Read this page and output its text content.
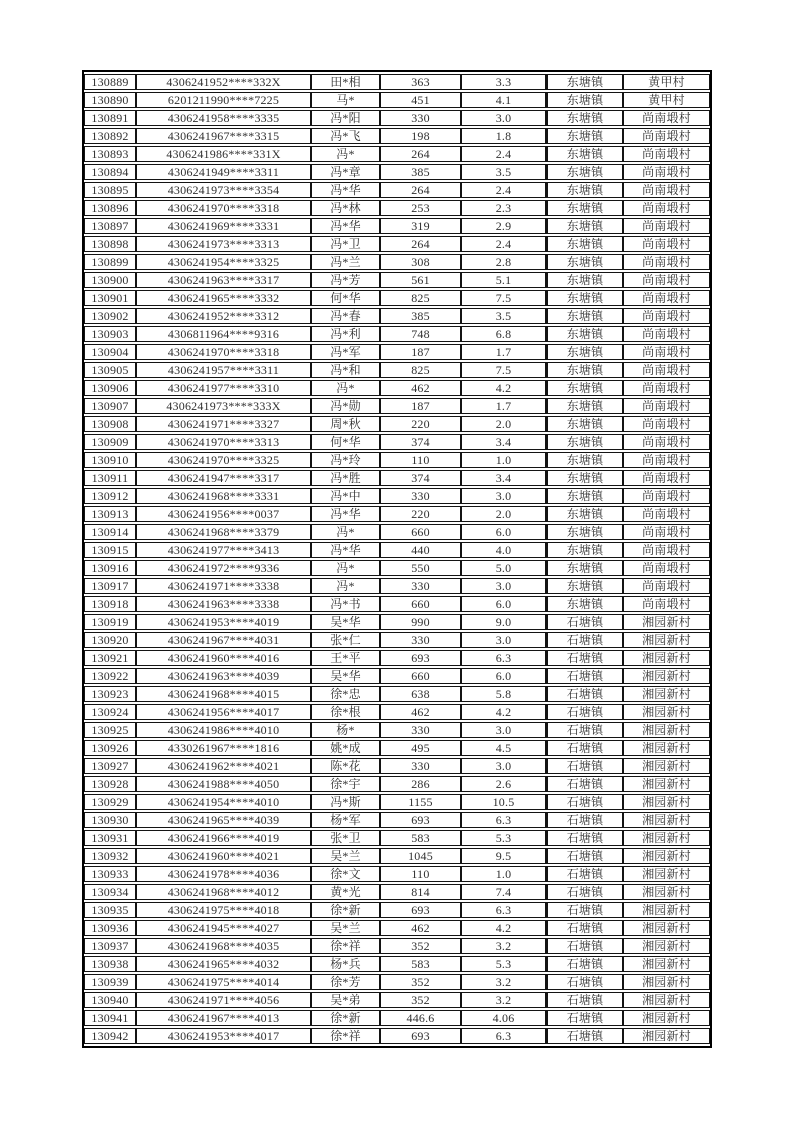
130889	4306241952****332X	田*相	363	3.3	东塘镇	黄甲村
130890	6201211990****7225	马*	451	4.1	东塘镇	黄甲村
130891	4306241958****3335	冯*阳	330	3.0	东塘镇	尚南塅村
130892	4306241967****3315	冯*飞	198	1.8	东塘镇	尚南塅村
130893	4306241986****331X	冯*	264	2.4	东塘镇	尚南塅村
130894	4306241949****3311	冯*章	385	3.5	东塘镇	尚南塅村
130895	4306241973****3354	冯*华	264	2.4	东塘镇	尚南塅村
130896	4306241970****3318	冯*林	253	2.3	东塘镇	尚南塅村
130897	4306241969****3331	冯*华	319	2.9	东塘镇	尚南塅村
130898	4306241973****3313	冯*卫	264	2.4	东塘镇	尚南塅村
130899	4306241954****3325	冯*兰	308	2.8	东塘镇	尚南塅村
130900	4306241963****3317	冯*芳	561	5.1	东塘镇	尚南塅村
130901	4306241965****3332	何*华	825	7.5	东塘镇	尚南塅村
130902	4306241952****3312	冯*春	385	3.5	东塘镇	尚南塅村
130903	4306811964****9316	冯*利	748	6.8	东塘镇	尚南塅村
130904	4306241970****3318	冯*军	187	1.7	东塘镇	尚南塅村
130905	4306241957****3311	冯*和	825	7.5	东塘镇	尚南塅村
130906	4306241977****3310	冯*	462	4.2	东塘镇	尚南塅村
130907	4306241973****333X	冯*勋	187	1.7	东塘镇	尚南塅村
130908	4306241971****3327	周*秋	220	2.0	东塘镇	尚南塅村
130909	4306241970****3313	何*华	374	3.4	东塘镇	尚南塅村
130910	4306241970****3325	冯*玲	110	1.0	东塘镇	尚南塅村
130911	4306241947****3317	冯*胜	374	3.4	东塘镇	尚南塅村
130912	4306241968****3331	冯*中	330	3.0	东塘镇	尚南塅村
130913	4306241956****0037	冯*华	220	2.0	东塘镇	尚南塅村
130914	4306241968****3379	冯*	660	6.0	东塘镇	尚南塅村
130915	4306241977****3413	冯*华	440	4.0	东塘镇	尚南塅村
130916	4306241972****9336	冯*	550	5.0	东塘镇	尚南塅村
130917	4306241971****3338	冯*	330	3.0	东塘镇	尚南塅村
130918	4306241963****3338	冯*书	660	6.0	东塘镇	尚南塅村
130919	4306241953****4019	吴*华	990	9.0	石塘镇	湘园新村
130920	4306241967****4031	张*仁	330	3.0	石塘镇	湘园新村
130921	4306241960****4016	王*平	693	6.3	石塘镇	湘园新村
130922	4306241963****4039	吴*华	660	6.0	石塘镇	湘园新村
130923	4306241968****4015	徐*忠	638	5.8	石塘镇	湘园新村
130924	4306241956****4017	徐*根	462	4.2	石塘镇	湘园新村
130925	4306241986****4010	杨*	330	3.0	石塘镇	湘园新村
130926	4330261967****1816	姚*成	495	4.5	石塘镇	湘园新村
130927	4306241962****4021	陈*花	330	3.0	石塘镇	湘园新村
130928	4306241988****4050	徐*宇	286	2.6	石塘镇	湘园新村
130929	4306241954****4010	冯*斯	1155	10.5	石塘镇	湘园新村
130930	4306241965****4039	杨*军	693	6.3	石塘镇	湘园新村
130931	4306241966****4019	张*卫	583	5.3	石塘镇	湘园新村
130932	4306241960****4021	吴*兰	1045	9.5	石塘镇	湘园新村
130933	4306241978****4036	徐*文	110	1.0	石塘镇	湘园新村
130934	4306241968****4012	黄*光	814	7.4	石塘镇	湘园新村
130935	4306241975****4018	徐*新	693	6.3	石塘镇	湘园新村
130936	4306241945****4027	吴*兰	462	4.2	石塘镇	湘园新村
130937	4306241968****4035	徐*祥	352	3.2	石塘镇	湘园新村
130938	4306241965****4032	杨*兵	583	5.3	石塘镇	湘园新村
130939	4306241975****4014	徐*芳	352	3.2	石塘镇	湘园新村
130940	4306241971****4056	吴*弟	352	3.2	石塘镇	湘园新村
130941	4306241967****4013	徐*新	446.6	4.06	石塘镇	湘园新村
130942	4306241953****4017	徐*祥	693	6.3	石塘镇	湘园新村
